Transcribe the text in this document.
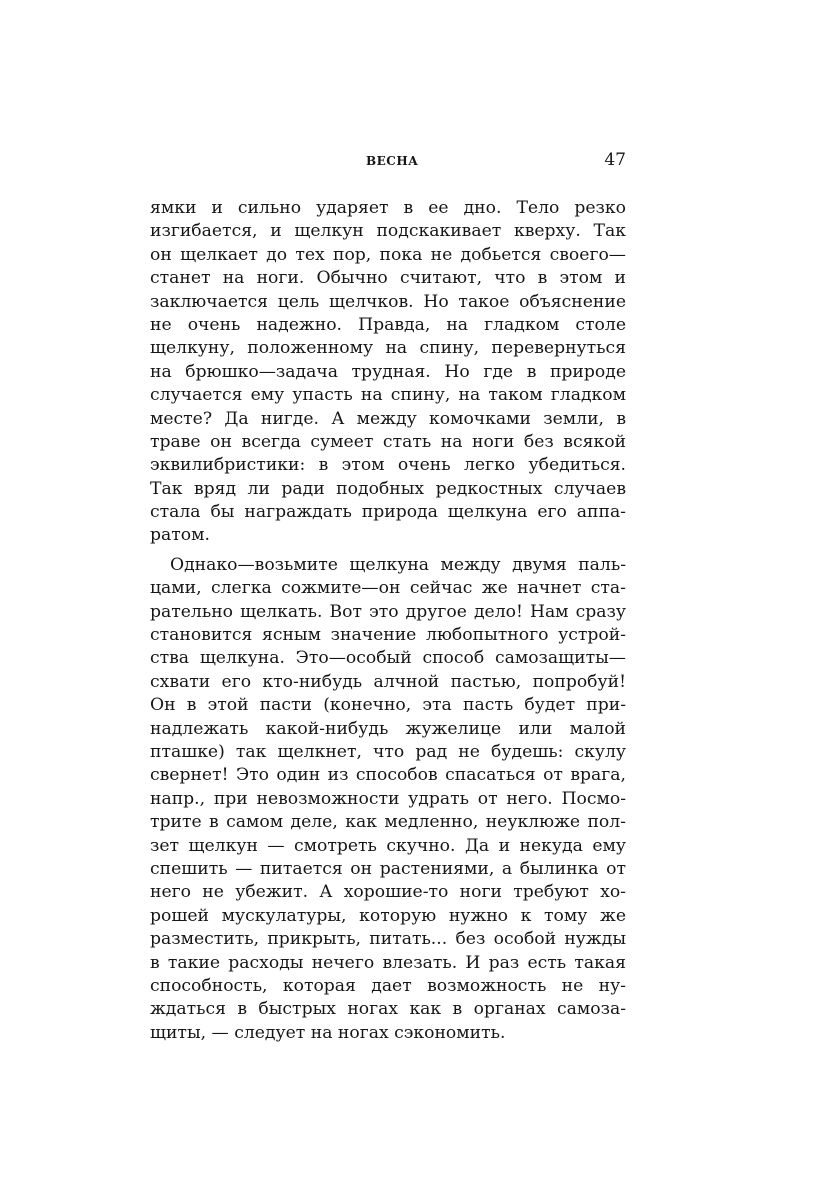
ВЕСНА	47
ямки и сильно ударяет в ее дно. Тело резко
изгибается, и щелкун подскакивает кверху. Так
он щелкает до тех пор, пока не добьется своего—
станет на ноги. Обычно считают, что в этом и
заключается цель щелчков. Но такое объяснение
не очень надежно. Правда, на гладком столе
щелкуну, положенному на спину, перевернуться
на брюшко—задача трудная. Но где в природе
случается ему упасть на спину, на таком гладком
месте? Да нигде. А между комочками земли, в
траве он всегда сумеет стать на ноги без всякой
эквилибристики: в этом очень легко убедиться.
Так вряд ли ради подобных редкостных случаев
стала бы награждать природа щелкуна его аппа-
ратом.
Однако—возьмите щелкуна между двумя паль-
цами, слегка сожмите—он сейчас же начнет ста-
рательно щелкать. Вот это другое дело! Нам сразу
становится ясным значение любопытного устрой-
ства щелкуна. Это—особый способ самозащиты—
схвати его кто-нибудь алчной пастью, попробуй!
Он в этой пасти (конечно, эта пасть будет при-
надлежать какой-нибудь жужелице или малой
пташке) так щелкнет, что рад не будешь: скулу
свернет! Это один из способов спасаться от врага,
напр., при невозможности удрать от него. Посмо-
трите в самом деле, как медленно, неуклюже пол-
зет щелкун — смотреть скучно. Да и некуда ему
спешить — питается он растениями, а былинка от
него не убежит. А хорошие-то ноги требуют хо-
рошей мускулатуры, которую нужно к тому же
разместить, прикрыть, питать... без особой нужды
в такие расходы нечего влезать. И раз есть такая
способность, которая дает возможность не ну-
ждаться в быстрых ногах как в органах самоза-
щиты, — следует на ногах сэкономить.
